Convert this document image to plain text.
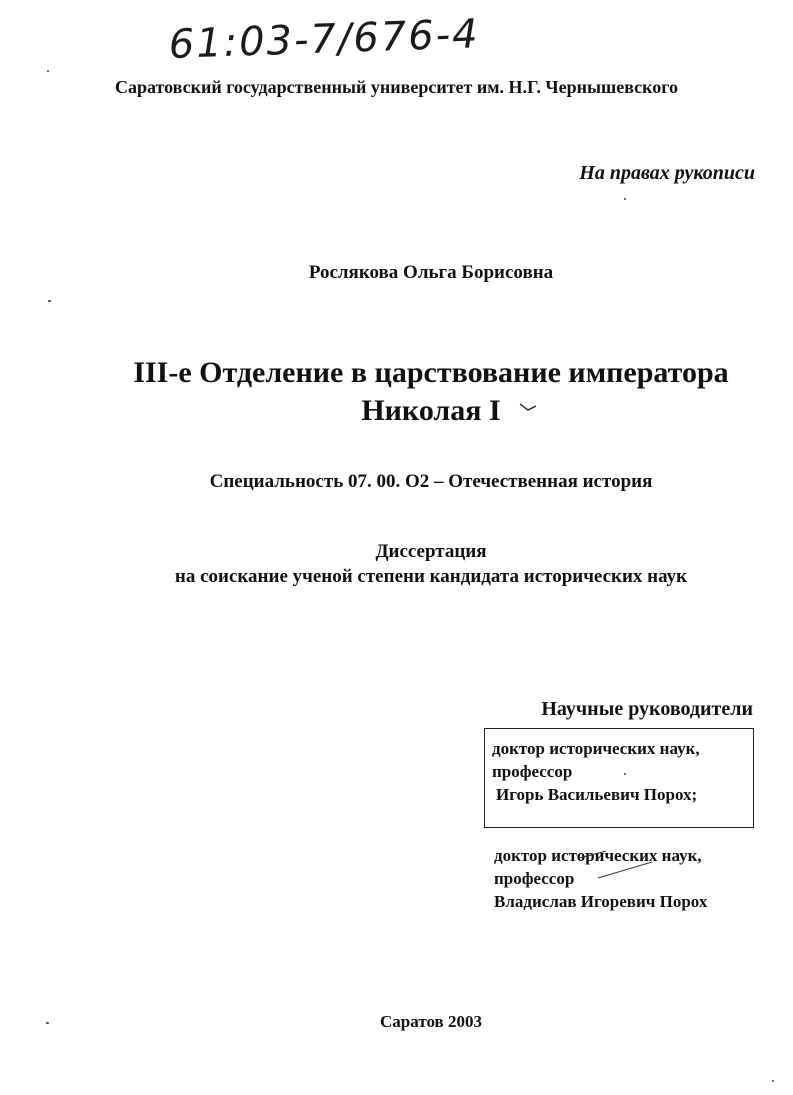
61:03-7/676-4
Саратовский государственный университет им. Н.Г. Чернышевского
На правах рукописи
Рослякова Ольга Борисовна
III-е Отделение в царствование императора
Николая I
Специальность 07. 00. О2 – Отечественная история
Диссертация
на соискание ученой степени кандидата исторических наук
Научные руководители
доктор исторических наук,
профессор
Игорь Васильевич Порох;
доктор исторических наук,
профессор
Владислав Игоревич Порох
Саратов 2003
